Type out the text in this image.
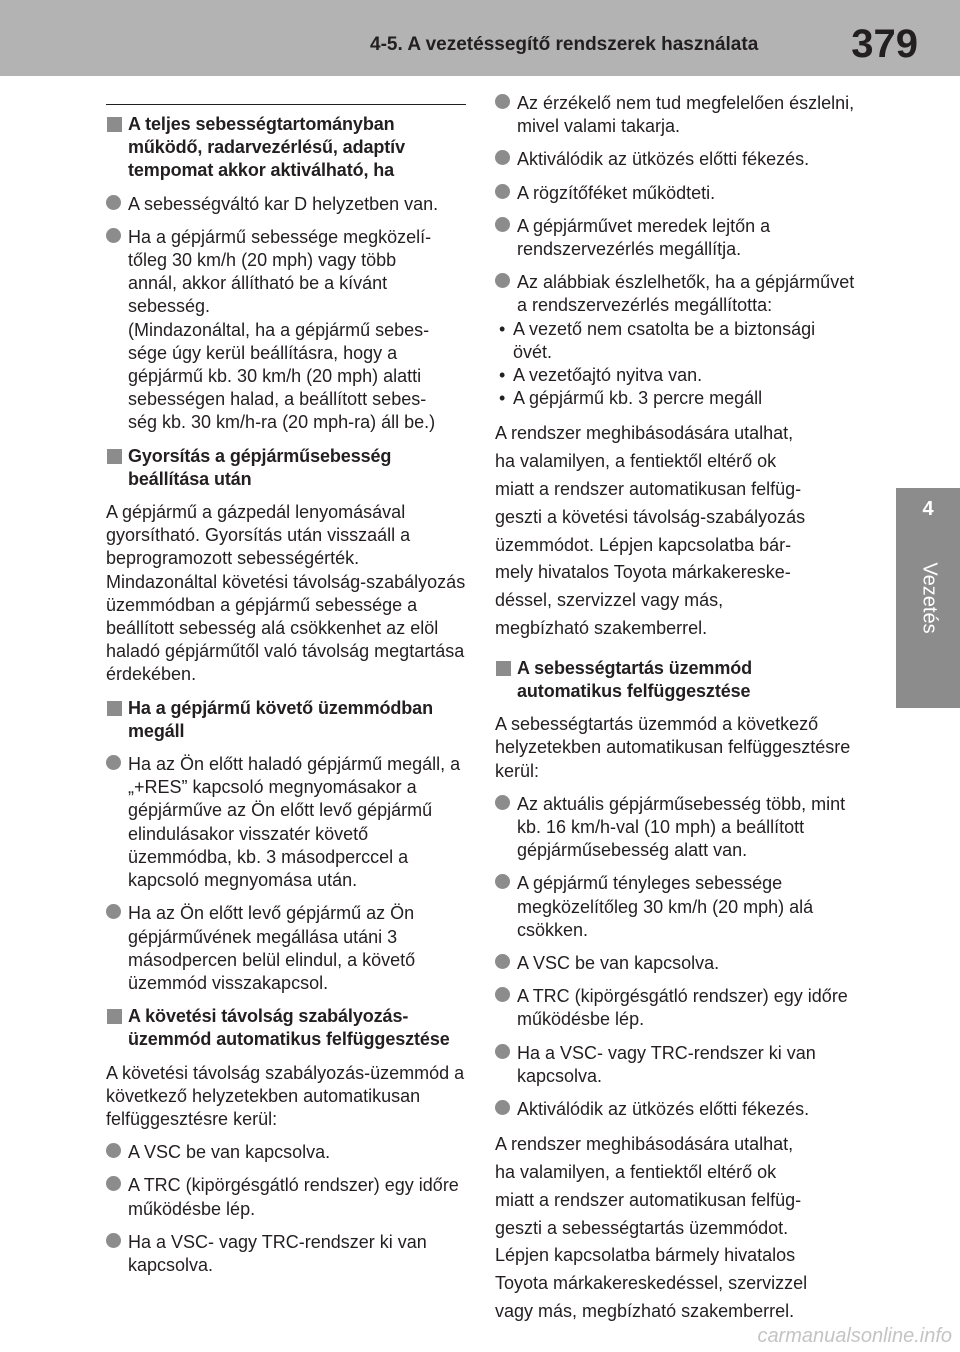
4-5. A vezetéssegítő rendszerek használata	379
4
Vezetés
A teljes sebességtartományban működő, radarvezérlésű, adaptív tempomat akkor aktiválható, ha
A sebességváltó kar D helyzetben van.
Ha a gépjármű sebessége megközelí-
tőleg 30 km/h (20 mph) vagy több
annál, akkor állítható be a kívánt
sebesség.
(Mindazonáltal, ha a gépjármű sebes-
sége úgy kerül beállításra, hogy a
gépjármű kb. 30 km/h (20 mph) alatti
sebességen halad, a beállított sebes-
ség kb. 30 km/h-ra (20 mph-ra) áll be.)
Gyorsítás a gépjárműsebesség beállítása után
A gépjármű a gázpedál lenyomásával gyorsítható. Gyorsítás után visszaáll a beprogramozott sebességérték. Mindazonáltal követési távolság-szabályozás üzemmódban a gépjármű sebessége a beállított sebesség alá csökkenhet az elöl haladó gépjárműtől való távolság megtartása érdekében.
Ha a gépjármű követő üzemmódban megáll
Ha az Ön előtt haladó gépjármű megáll, a „+RES” kapcsoló megnyomásakor a gépjárműve az Ön előtt levő gépjármű elindulásakor visszatér követő üzemmódba, kb. 3 másodperccel a kapcsoló megnyomása után.
Ha az Ön előtt levő gépjármű az Ön gépjárművének megállása utáni 3 másodpercen belül elindul, a követő üzemmód visszakapcsol.
A követési távolság szabályozás-üzemmód automatikus felfüggesztése
A követési távolság szabályozás-üzemmód a következő helyzetekben automatikusan felfüggesztésre kerül:
A VSC be van kapcsolva.
A TRC (kipörgésgátló rendszer) egy időre működésbe lép.
Ha a VSC- vagy TRC-rendszer ki van kapcsolva.
Az érzékelő nem tud megfelelően észlelni, mivel valami takarja.
Aktiválódik az ütközés előtti fékezés.
A rögzítőféket működteti.
A gépjárművet meredek lejtőn a rendszervezérlés megállítja.
Az alábbiak észlelhetők, ha a gépjárművet a rendszervezérlés megállította:
• A vezető nem csatolta be a biztonsági övét.
• A vezetőajtó nyitva van.
• A gépjármű kb. 3 percre megáll
A rendszer meghibásodására utalhat,
ha valamilyen, a fentiektől eltérő ok
miatt a rendszer automatikusan felfüg-
geszti a követési távolság-szabályozás
üzemmódot. Lépjen kapcsolatba bár-
mely hivatalos Toyota márkakereske-
déssel, szervizzel vagy más,
megbízható szakemberrel.
A sebességtartás üzemmód automatikus felfüggesztése
A sebességtartás üzemmód a következő helyzetekben automatikusan felfüggesztésre kerül:
Az aktuális gépjárműsebesség több, mint kb. 16 km/h-val (10 mph) a beállított gépjárműsebesség alatt van.
A gépjármű tényleges sebessége megközelítőleg 30 km/h (20 mph) alá csökken.
A VSC be van kapcsolva.
A TRC (kipörgésgátló rendszer) egy időre működésbe lép.
Ha a VSC- vagy TRC-rendszer ki van kapcsolva.
Aktiválódik az ütközés előtti fékezés.
A rendszer meghibásodására utalhat,
ha valamilyen, a fentiektől eltérő ok
miatt a rendszer automatikusan felfüg-
geszti a sebességtartás üzemmódot.
Lépjen kapcsolatba bármely hivatalos
Toyota márkakereskedéssel, szervizzel
vagy más, megbízható szakemberrel.
carmanualsonline.info
